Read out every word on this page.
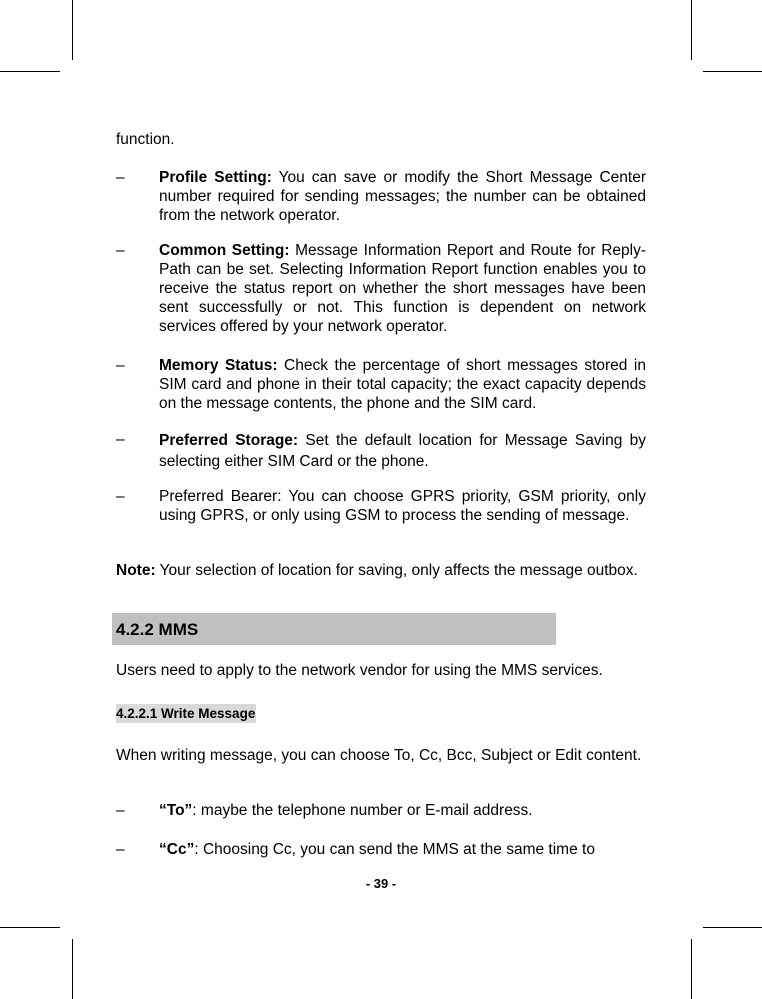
function.
– Profile Setting: You can save or modify the Short Message Center number required for sending messages; the number can be obtained from the network operator.
– Common Setting: Message Information Report and Route for Reply-Path can be set. Selecting Information Report function enables you to receive the status report on whether the short messages have been sent successfully or not. This function is dependent on network services offered by your network operator.
– Memory Status: Check the percentage of short messages stored in SIM card and phone in their total capacity; the exact capacity depends on the message contents, the phone and the SIM card.
– Preferred Storage: Set the default location for Message Saving by selecting either SIM Card or the phone.
– Preferred Bearer: You can choose GPRS priority, GSM priority, only using GPRS, or only using GSM to process the sending of message.
Note: Your selection of location for saving, only affects the message outbox.
4.2.2 MMS
Users need to apply to the network vendor for using the MMS services.
4.2.2.1 Write Message
When writing message, you can choose To, Cc, Bcc, Subject or Edit content.
– “To”: maybe the telephone number or E-mail address.
– “Cc”: Choosing Cc, you can send the MMS at the same time to
- 39 -
